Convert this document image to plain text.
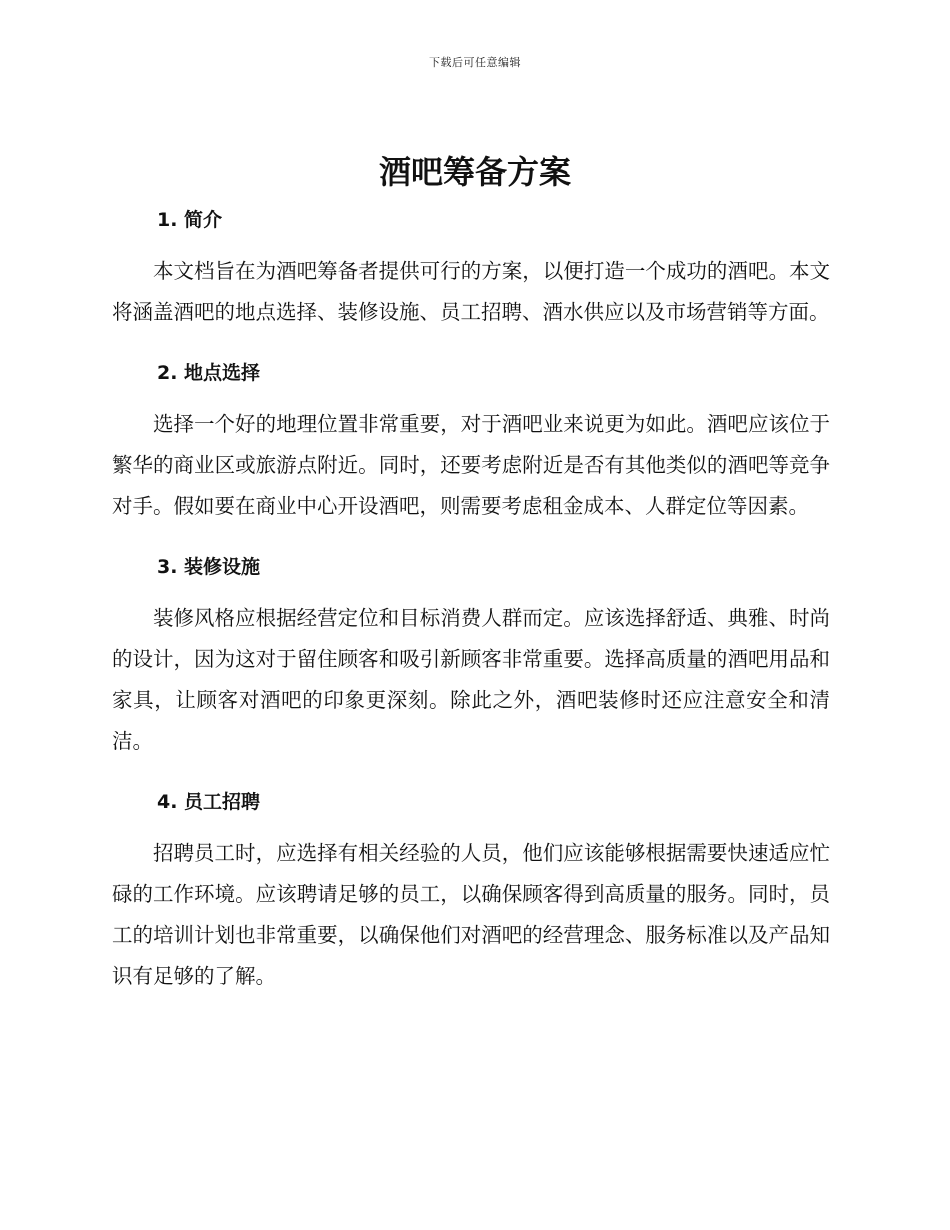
下载后可任意编辑
酒吧筹备方案
1. 简介

本文档旨在为酒吧筹备者提供可行的方案，以便打造一个成功的酒吧。本文将涵盖酒吧的地点选择、装修设施、员工招聘、酒水供应以及市场营销等方面。

2. 地点选择

选择一个好的地理位置非常重要，对于酒吧业来说更为如此。酒吧应该位于繁华的商业区或旅游点附近。同时，还要考虑附近是否有其他类似的酒吧等竞争对手。假如要在商业中心开设酒吧，则需要考虑租金成本、人群定位等因素。

3. 装修设施

装修风格应根据经营定位和目标消费人群而定。应该选择舒适、典雅、时尚的设计，因为这对于留住顾客和吸引新顾客非常重要。选择高质量的酒吧用品和家具，让顾客对酒吧的印象更深刻。除此之外，酒吧装修时还应注意安全和清洁。

4. 员工招聘

招聘员工时，应选择有相关经验的人员，他们应该能够根据需要快速适应忙碌的工作环境。应该聘请足够的员工，以确保顾客得到高质量的服务。同时，员工的培训计划也非常重要，以确保他们对酒吧的经营理念、服务标准以及产品知识有足够的了解。
